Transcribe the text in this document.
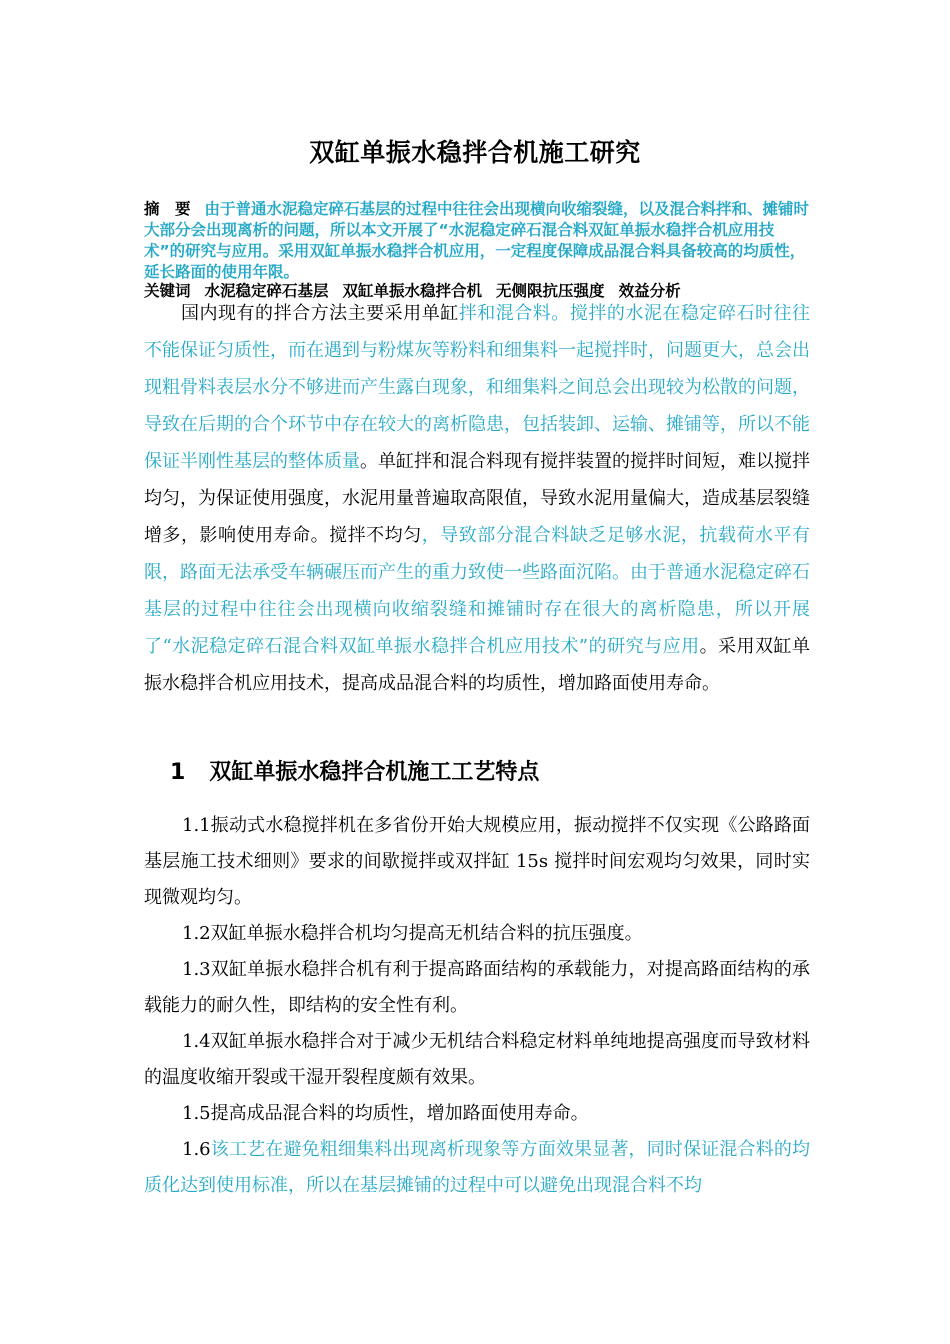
双缸单振水稳拌合机施工研究
摘　要 由于普通水泥稳定碎石基层的过程中往往会出现横向收缩裂缝，以及混合料拌和、摊铺时大部分会出现离析的问题，所以本文开展了“水泥稳定碎石混合料双缸单振水稳拌合机应用技术”的研究与应用。采用双缸单振水稳拌合机应用，一定程度保障成品混合料具备较高的均质性，延长路面的使用年限。
关键词 水泥稳定碎石基层 双缸单振水稳拌合机 无侧限抗压强度 效益分析
国内现有的拌合方法主要采用单缸拌和混合料。搅拌的水泥在稳定碎石时往往不能保证匀质性，而在遇到与粉煤灰等粉料和细集料一起搅拌时，问题更大，总会出现粗骨料表层水分不够进而产生露白现象，和细集料之间总会出现较为松散的问题，导致在后期的合个环节中存在较大的离析隐患，包括装卸、运输、摊铺等，所以不能保证半刚性基层的整体质量。单缸拌和混合料现有搅拌装置的搅拌时间短，难以搅拌均匀，为保证使用强度，水泥用量普遍取高限值，导致水泥用量偏大，造成基层裂缝增多，影响使用寿命。搅拌不均匀，导致部分混合料缺乏足够水泥，抗载荷水平有限，路面无法承受车辆碾压而产生的重力致使一些路面沉陷。由于普通水泥稳定碎石基层的过程中往往会出现横向收缩裂缝和摊铺时存在很大的离析隐患，所以开展了“水泥稳定碎石混合料双缸单振水稳拌合机应用技术”的研究与应用。采用双缸单振水稳拌合机应用技术，提高成品混合料的均质性，增加路面使用寿命。
1 双缸单振水稳拌合机施工工艺特点

1.1振动式水稳搅拌机在多省份开始大规模应用，振动搅拌不仅实现《公路路面基层施工技术细则》要求的间歇搅拌或双拌缸 15s 搅拌时间宏观均匀效果，同时实现微观均匀。

1.2双缸单振水稳拌合机均匀提高无机结合料的抗压强度。

1.3双缸单振水稳拌合机有利于提高路面结构的承载能力，对提高路面结构的承载能力的耐久性，即结构的安全性有利。

1.4双缸单振水稳拌合对于减少无机结合料稳定材料单纯地提高强度而导致材料的温度收缩开裂或干湿开裂程度颇有效果。

1.5提高成品混合料的均质性，增加路面使用寿命。

1.6该工艺在避免粗细集料出现离析现象等方面效果显著，同时保证混合料的均质化达到使用标准，所以在基层摊铺的过程中可以避免出现混合料不均
